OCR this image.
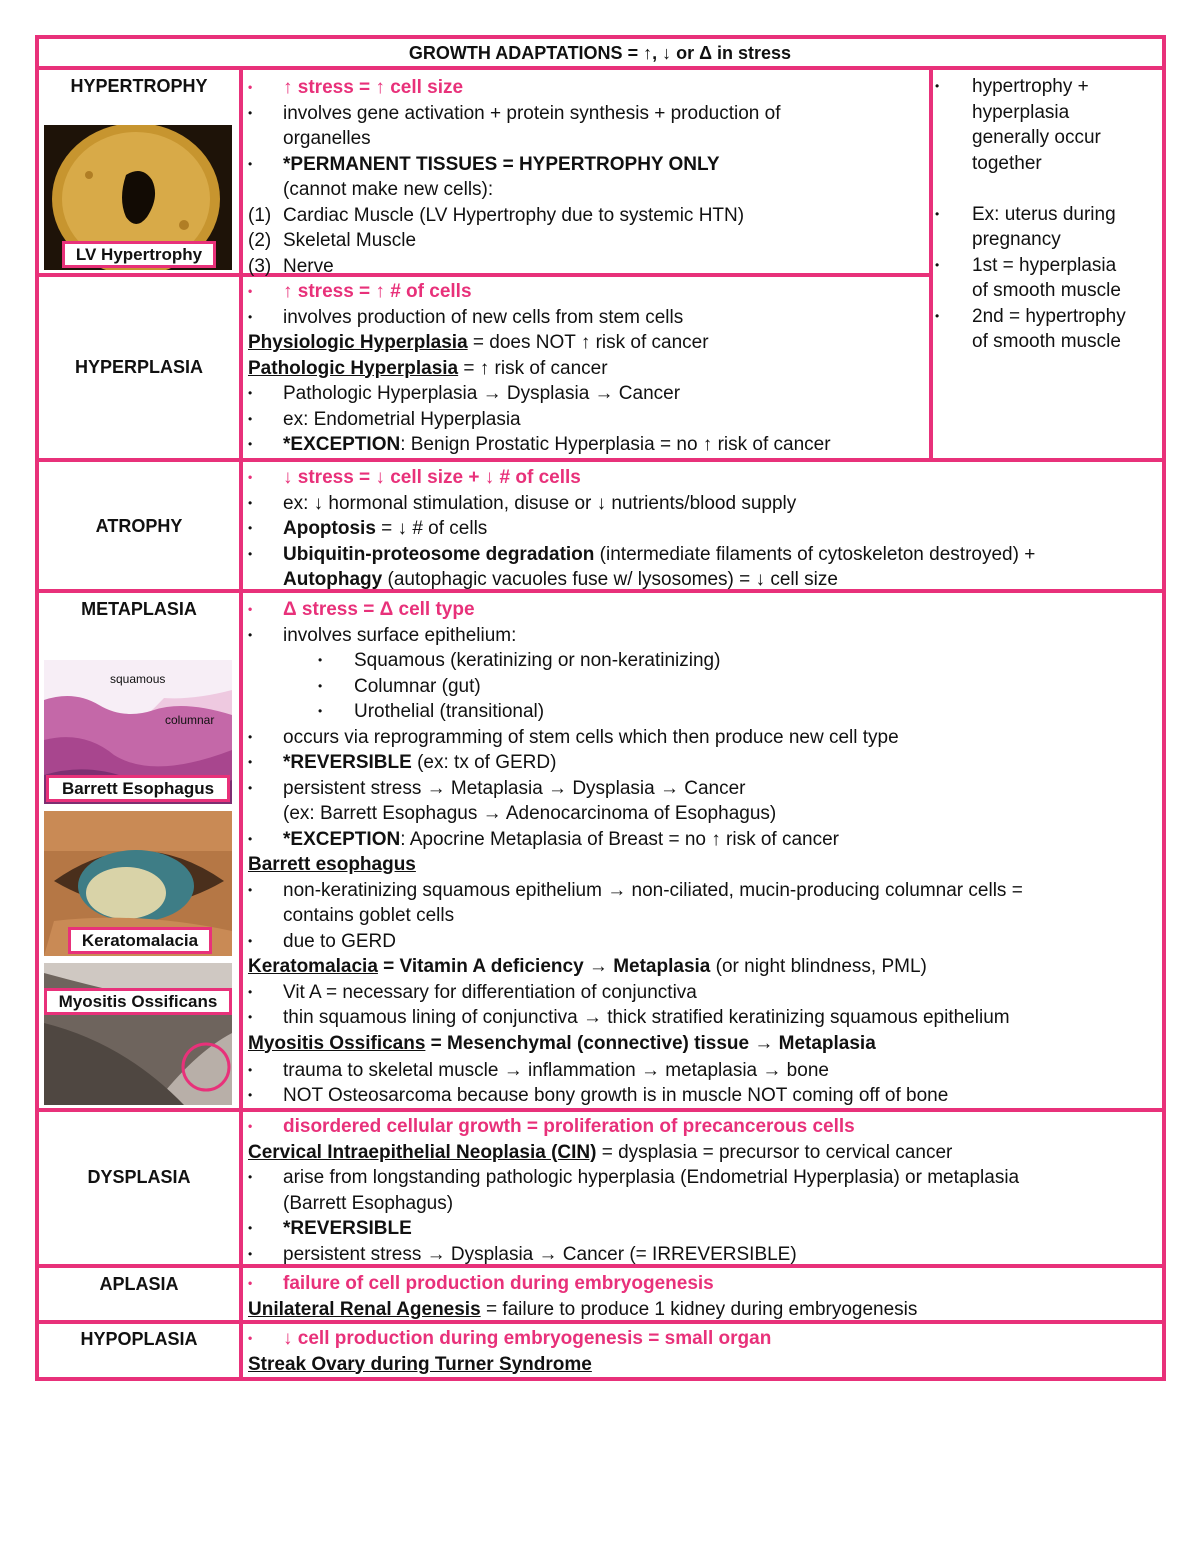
GROWTH ADAPTATIONS = ↑, ↓ or Δ in stress
HYPERTROPHY
LV Hypertrophy
• ↑ stress = ↑ cell size
• involves gene activation + protein synthesis + production of
organelles
• *PERMANENT TISSUES = HYPERTROPHY ONLY
(cannot make new cells):
(1) Cardiac Muscle (LV Hypertrophy due to systemic HTN)
(2) Skeletal Muscle
(3) Nerve
HYPERPLASIA
• ↑ stress = ↑ # of cells
• involves production of new cells from stem cells
Physiologic Hyperplasia = does NOT ↑ risk of cancer
Pathologic Hyperplasia = ↑ risk of cancer
• Pathologic Hyperplasia → Dysplasia → Cancer
• ex: Endometrial Hyperplasia
• *EXCEPTION: Benign Prostatic Hyperplasia = no ↑ risk of cancer
• hypertrophy +
hyperplasia
generally occur
together
• Ex: uterus during
pregnancy
• 1st = hyperplasia
of smooth muscle
• 2nd = hypertrophy
of smooth muscle
ATROPHY
• ↓ stress = ↓ cell size + ↓ # of cells
• ex: ↓ hormonal stimulation, disuse or ↓ nutrients/blood supply
• Apoptosis = ↓ # of cells
• Ubiquitin-proteosome degradation (intermediate filaments of cytoskeleton destroyed) +
Autophagy (autophagic vacuoles fuse w/ lysosomes) = ↓ cell size
METAPLASIA
squamous
columnar
Barrett Esophagus
Keratomalacia
Myositis Ossificans
• Δ stress = Δ cell type
• involves surface epithelium:
• Squamous (keratinizing or non-keratinizing)
• Columnar (gut)
• Urothelial (transitional)
• occurs via reprogramming of stem cells which then produce new cell type
• *REVERSIBLE (ex: tx of GERD)
• persistent stress → Metaplasia → Dysplasia → Cancer
(ex: Barrett Esophagus → Adenocarcinoma of Esophagus)
• *EXCEPTION: Apocrine Metaplasia of Breast = no ↑ risk of cancer
Barrett esophagus
• non-keratinizing squamous epithelium → non-ciliated, mucin-producing columnar cells =
contains goblet cells
• due to GERD
Keratomalacia = Vitamin A deficiency → Metaplasia (or night blindness, PML)
• Vit A = necessary for differentiation of conjunctiva
• thin squamous lining of conjunctiva → thick stratified keratinizing squamous epithelium
Myositis Ossificans = Mesenchymal (connective) tissue → Metaplasia
• trauma to skeletal muscle → inflammation → metaplasia → bone
• NOT Osteosarcoma because bony growth is in muscle NOT coming off of bone
DYSPLASIA
• disordered cellular growth = proliferation of precancerous cells
Cervical Intraepithelial Neoplasia (CIN) = dysplasia = precursor to cervical cancer
• arise from longstanding pathologic hyperplasia (Endometrial Hyperplasia) or metaplasia
(Barrett Esophagus)
• *REVERSIBLE
• persistent stress → Dysplasia → Cancer (= IRREVERSIBLE)
APLASIA	• failure of cell production during embryogenesis
Unilateral Renal Agenesis = failure to produce 1 kidney during embryogenesis
HYPOPLASIA	• ↓ cell production during embryogenesis = small organ
Streak Ovary during Turner Syndrome
